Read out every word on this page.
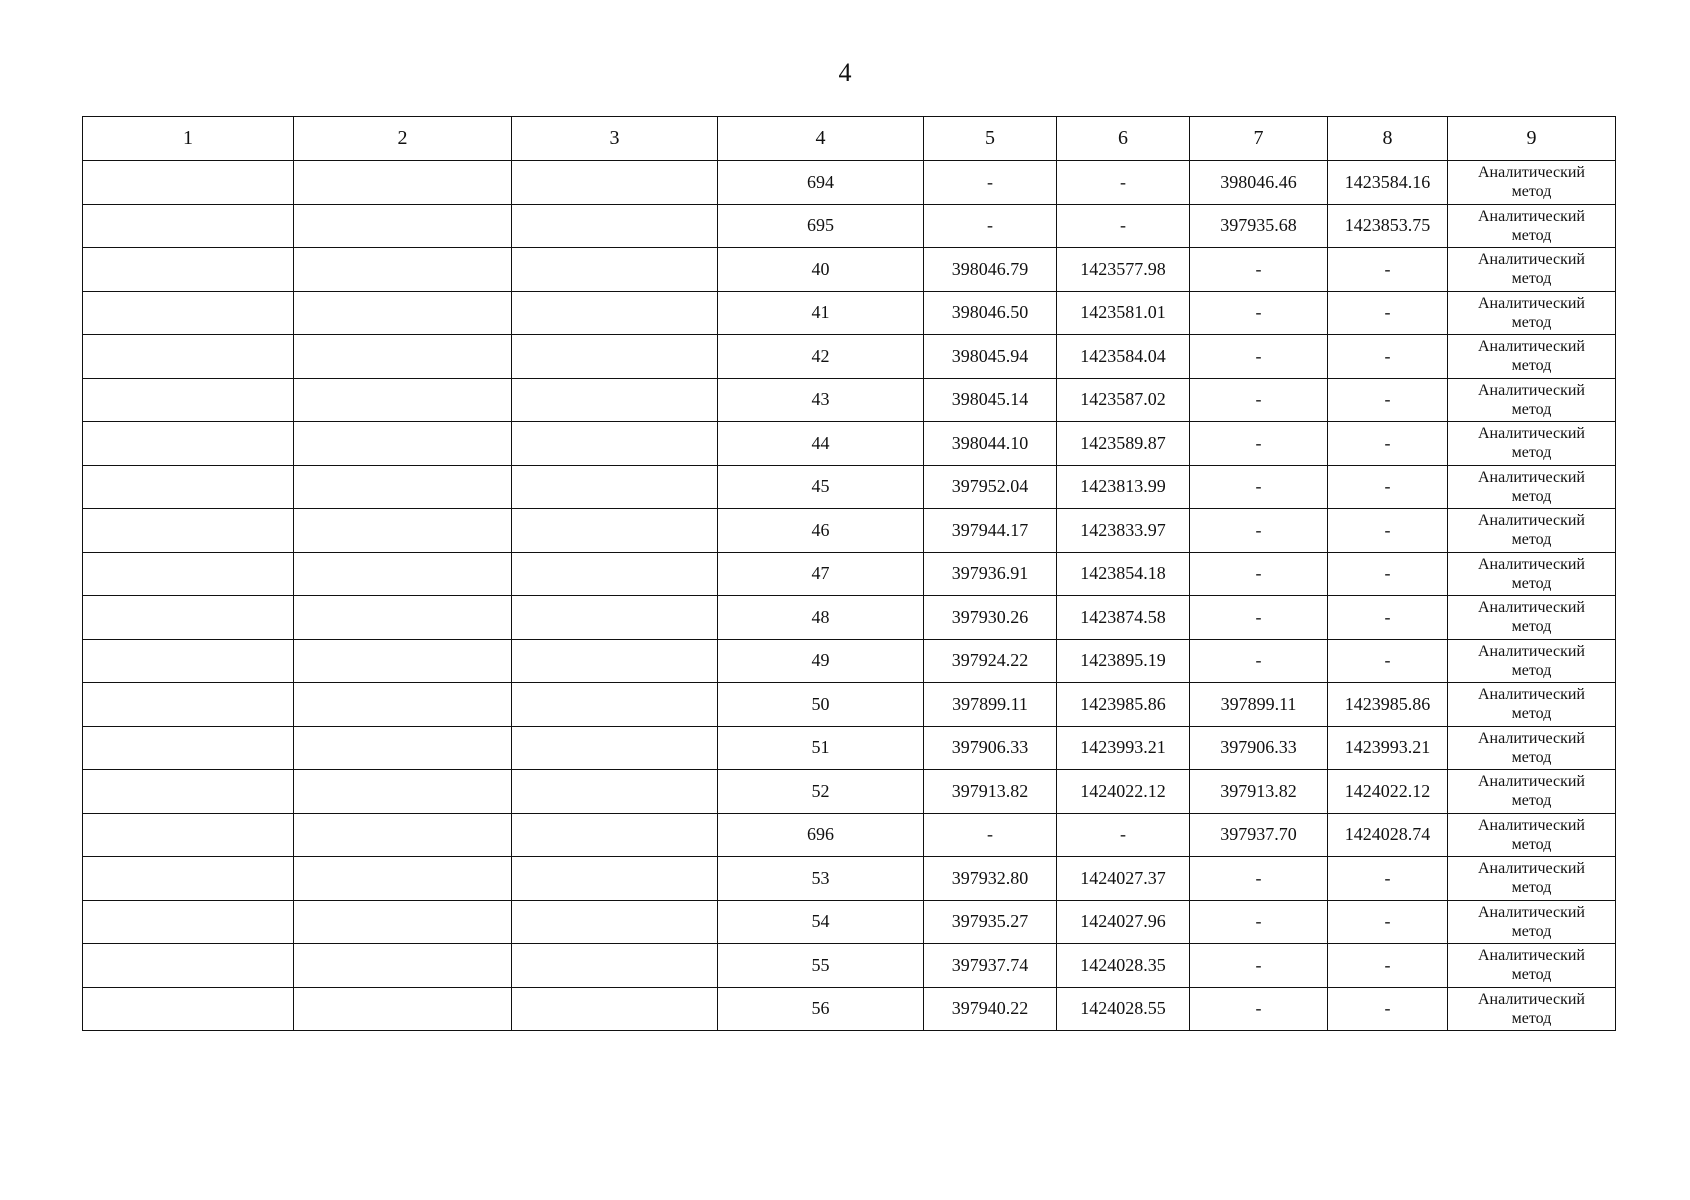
4
1	2	3	4	5	6	7	8	9
			694	-	-	398046.46	1423584.16	Аналитический
метод

			695	-	-	397935.68	1423853.75	Аналитический
метод

			40	398046.79	1423577.98	-	-	Аналитический
метод

			41	398046.50	1423581.01	-	-	Аналитический
метод

			42	398045.94	1423584.04	-	-	Аналитический
метод

			43	398045.14	1423587.02	-	-	Аналитический
метод

			44	398044.10	1423589.87	-	-	Аналитический
метод

			45	397952.04	1423813.99	-	-	Аналитический
метод

			46	397944.17	1423833.97	-	-	Аналитический
метод

			47	397936.91	1423854.18	-	-	Аналитический
метод

			48	397930.26	1423874.58	-	-	Аналитический
метод

			49	397924.22	1423895.19	-	-	Аналитический
метод

			50	397899.11	1423985.86	397899.11	1423985.86	Аналитический
метод

			51	397906.33	1423993.21	397906.33	1423993.21	Аналитический
метод

			52	397913.82	1424022.12	397913.82	1424022.12	Аналитический
метод

			696	-	-	397937.70	1424028.74	Аналитический
метод

			53	397932.80	1424027.37	-	-	Аналитический
метод

			54	397935.27	1424027.96	-	-	Аналитический
метод

			55	397937.74	1424028.35	-	-	Аналитический
метод

			56	397940.22	1424028.55	-	-	Аналитический
метод
